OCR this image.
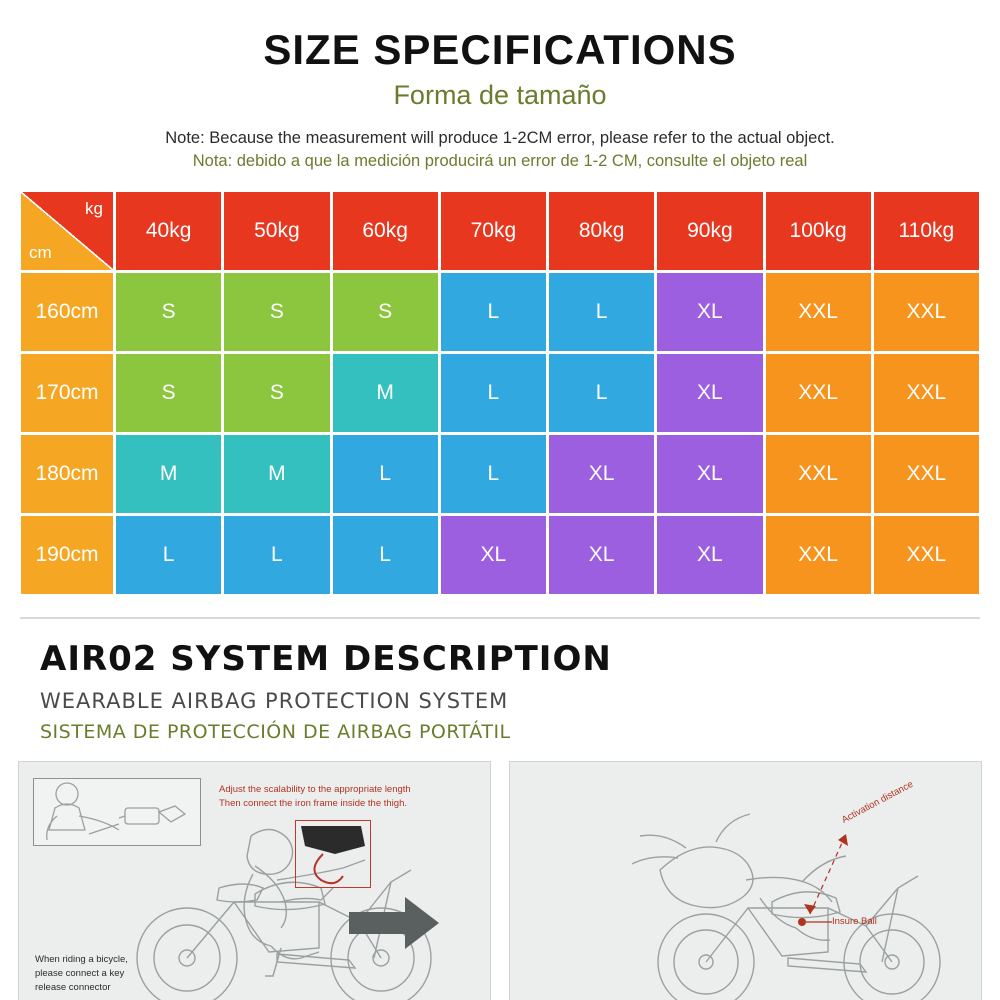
SIZE SPECIFICATIONS
Forma de tamaño
Note: Because the measurement will produce 1-2CM error, please refer to the actual object.
Nota: debido a que la medición producirá un error de 1-2 CM, consulte el objeto real
kg
cm	40kg	50kg	60kg	70kg	80kg	90kg	100kg	110kg
160cm	S	S	S	L	L	XL	XXL	XXL
170cm	S	S	M	L	L	XL	XXL	XXL
180cm	M	M	L	L	XL	XL	XXL	XXL
190cm	L	L	L	XL	XL	XL	XXL	XXL
AIR02 SYSTEM DESCRIPTION
WEARABLE AIRBAG PROTECTION SYSTEM
SISTEMA DE PROTECCIÓN DE AIRBAG PORTÁTIL
When riding a bicycle,
please connect a key
release connector
Adjust the scalability to the appropriate length
Then connect the iron frame inside the thigh.	Activation distance
Insure Ball
